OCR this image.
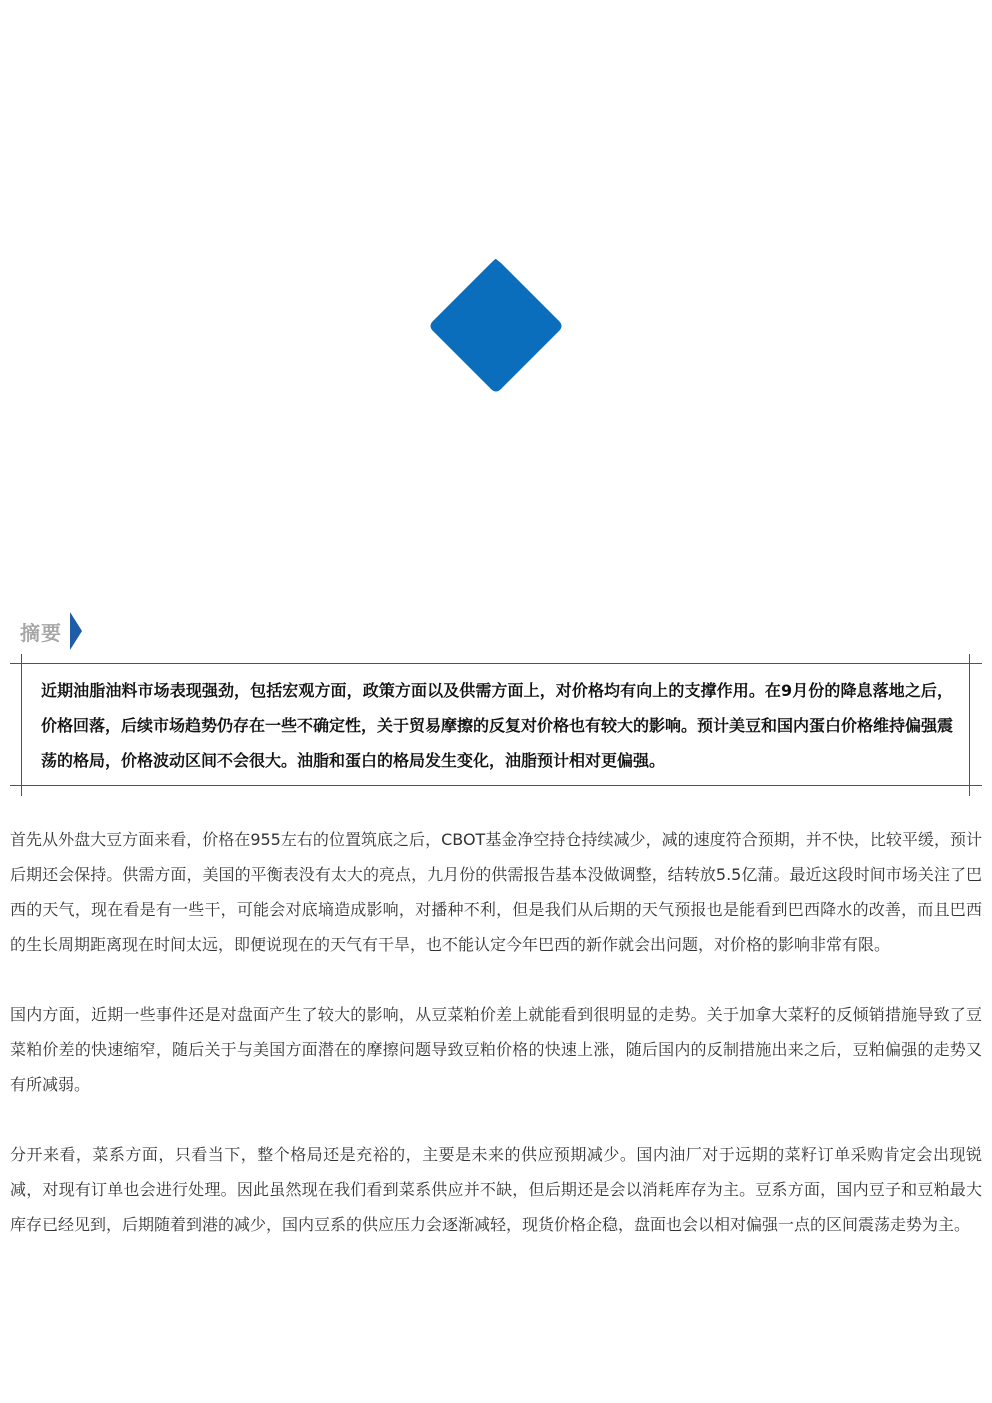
摘要

近期油脂油料市场表现强劲，包括宏观方面，政策方面以及供需方面上，对价格均有向上的支撑作用。在9月份的降息落地之后，价格回落，后续市场趋势仍存在一些不确定性，关于贸易摩擦的反复对价格也有较大的影响。预计美豆和国内蛋白价格维持偏强震荡的格局，价格波动区间不会很大。油脂和蛋白的格局发生变化，油脂预计相对更偏强。

首先从外盘大豆方面来看，价格在955左右的位置筑底之后，CBOT基金净空持仓持续减少，减的速度符合预期，并不快，比较平缓，预计后期还会保持。供需方面，美国的平衡表没有太大的亮点，九月份的供需报告基本没做调整，结转放5.5亿蒲。最近这段时间市场关注了巴西的天气，现在看是有一些干，可能会对底墒造成影响，对播种不利，但是我们从后期的天气预报也是能看到巴西降水的改善，而且巴西的生长周期距离现在时间太远，即便说现在的天气有干旱，也不能认定今年巴西的新作就会出问题，对价格的影响非常有限。

国内方面，近期一些事件还是对盘面产生了较大的影响，从豆菜粕价差上就能看到很明显的走势。关于加拿大菜籽的反倾销措施导致了豆菜粕价差的快速缩窄，随后关于与美国方面潜在的摩擦问题导致豆粕价格的快速上涨，随后国内的反制措施出来之后，豆粕偏强的走势又有所减弱。

分开来看，菜系方面，只看当下，整个格局还是充裕的，主要是未来的供应预期减少。国内油厂对于远期的菜籽订单采购肯定会出现锐减，对现有订单也会进行处理。因此虽然现在我们看到菜系供应并不缺，但后期还是会以消耗库存为主。豆系方面，国内豆子和豆粕最大库存已经见到，后期随着到港的减少，国内豆系的供应压力会逐渐减轻，现货价格企稳，盘面也会以相对偏强一点的区间震荡走势为主。
